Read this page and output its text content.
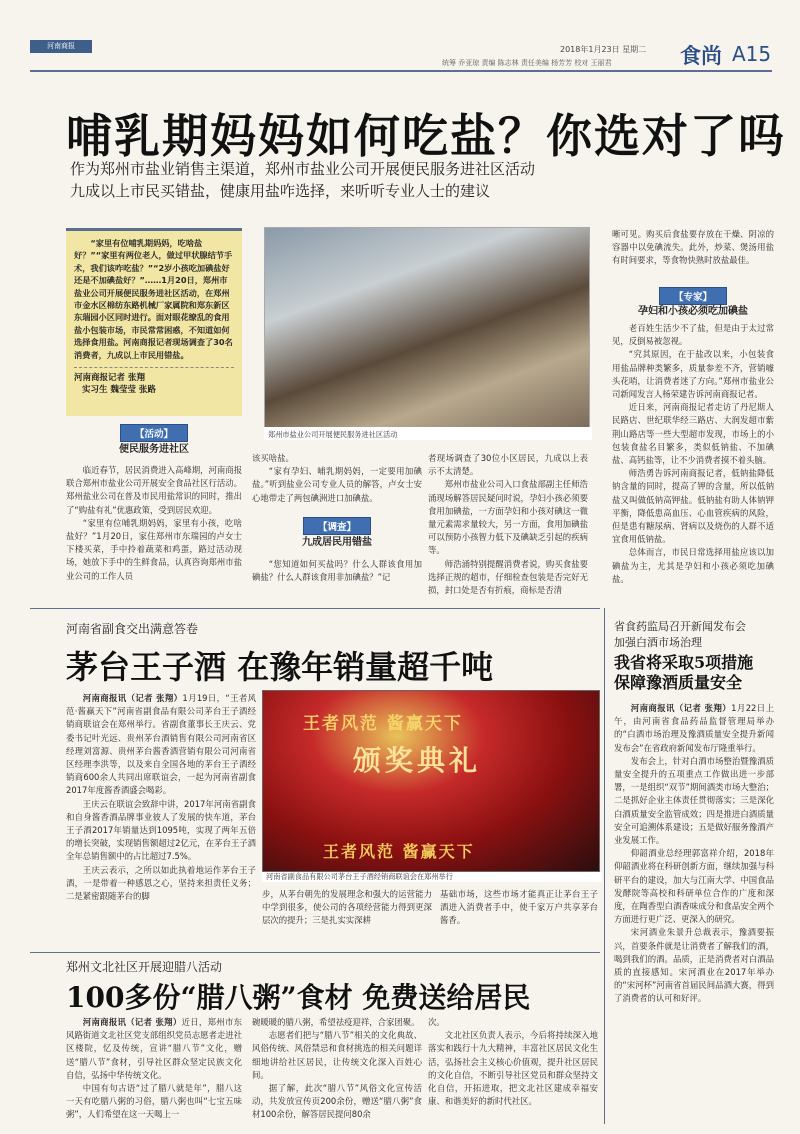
河南商报	2018年1月23日 星期二
统筹 乔亚琼 责编 陈志林 责任美编 杨芳芳 校对 王丽君	食尚 A15
哺乳期妈妈如何吃盐？你选对了吗
作为郑州市盐业销售主渠道，郑州市盐业公司开展便民服务进社区活动
九成以上市民买错盐，健康用盐咋选择，来听听专业人士的建议

“家里有位哺乳期妈妈，吃啥盐好？”“家里有两位老人，做过甲状腺结节手术，我们该咋吃盐？”“2岁小孩吃加碘盐好还是不加碘盐好？”……1月20日，郑州市盐业公司开展便民服务进社区活动，在郑州市金水区棉纺东路机械厂家属院和郑东新区东瑞园小区同时进行。面对眼花缭乱的食用盐小包装市场，市民常常困惑，不知道如何选择食用盐。河南商报记者现场调查了30名消费者，九成以上市民用错盐。

河南商报记者 张翔
实习生 魏莹莹 张路
郑州市盐业公司开展便民服务进社区活动
【活动】
便民服务进社区

临近春节，居民消费进入高峰期，河南商报联合郑州市盐业公司开展安全食品社区行活动。郑州盐业公司在普及市民用盐常识的同时，推出了“购盐有礼”优惠政策，受到居民欢迎。

“家里有位哺乳期妈妈，家里有小孩，吃啥盐好？”1月20日，家住郑州市东瑞园的卢女士下楼买菜，手中拎着蔬菜和鸡蛋，路过活动现场，她放下手中的生鲜食品，认真咨询郑州市盐业公司的工作人员

该买啥盐。

“家有孕妇、哺乳期妈妈，一定要用加碘盐。”听到盐业公司专业人员的解答，卢女士安心地带走了两包碘洲进口加碘盐。

【调查】
九成居民用错盐

“您知道如何买盐吗？什么人群该食用加碘盐？什么人群该食用非加碘盐？”记

者现场调查了30位小区居民，九成以上表示不太清楚。

郑州市盐业公司入口食盐部副主任师浩涌现场解答居民疑问时说，孕妇小孩必须要食用加碘盐，一方面孕妇和小孩对碘这一微量元素需求量较大，另一方面，食用加碘盐可以预防小孩智力低下及碘缺乏引起的疾病等。

师浩涌特别提醒消费者说，购买食盐要选择正规的超市，仔细检查包装是否完好无损，封口处是否有折痕，商标是否清

晰可见。购买后食盐要存放在干燥、阴凉的容器中以免碘流失。此外，炒菜、煲汤用盐有时间要求，等食物快熟时放盐最佳。

【专家】
孕妇和小孩必须吃加碘盐

老百姓生活少不了盐，但是由于太过常见，反倒易被忽视。

“究其原因，在于盐改以来，小包装食用盐品牌种类繁多，质量参差不齐，营销噱头花哨，让消费者迷了方向。”郑州市盐业公司新闻发言人杨荣建告诉河南商报记者。

近日来，河南商报记者走访了丹尼斯人民路店、世纪联华经三路店、大润发超市紫荆山路店等一些大型超市发现，市场上的小包装食盐名目繁多，类似低钠盐、不加碘盐、高钙盐等，让不少消费者摸不着头脑。

师浩勇告诉河南商报记者，低钠盐降低钠含量的同时，提高了钾的含量，所以低钠盐又叫做低钠高钾盐。低钠盐有助人体钠钾平衡，降低患高血压、心血管疾病的风险，但是患有糖尿病、肾病以及烧伤的人群不适宜食用低钠盐。

总体而言，市民日常选择用盐应该以加碘盐为主，尤其是孕妇和小孩必须吃加碘盐。

河南省副食交出满意答卷
茅台王子酒 在豫年销量超千吨

河南商报讯（记者 张翔）1月19日，“王者风范·酱赢天下”河南省副食品有限公司茅台王子酒经销商联谊会在郑州举行。省副食董事长王庆云、党委书记叶光远、贵州茅台酒销售有限公司河南省区经理刘富源、贵州茅台酱香酒营销有限公司河南省区经理李洪等，以及来自全国各地的茅台王子酒经销商600余人共同出席联谊会，一起为河南省副食2017年度酱香酒盛会喝彩。

王庆云在联谊会致辞中讲，2017年河南省副食和自身酱香酒品牌事业彼人了发展的快车道，茅台王子酒2017年销量达到1095吨，实现了两年五倍的增长突破，实现销售额超过2亿元，在茅台王子酒全年总销售额中的占比超过7.5%。

王庆云表示，之所以如此执着地运作茅台王子酒，一是带着一种感恩之心，坚持来担责任义务；二是紧密跟随茅台的脚

王者风范 酱赢天下
颁奖典礼
王者风范 酱赢天下
河南省副食品有限公司茅台王子酒经销商联谊会在郑州举行

步，从茅台朝先的发展理念和强大的运营能力中学到很多，使公司的各项经营能力得到更深层次的提升；三是扎实实深耕

基础市场，这些市场才能真正让茅台王子酒进入消费者手中，使千家万户共享茅台酱香。

郑州文北社区开展迎腊八活动
100多份“腊八粥”食材 免费送给居民

河南商报讯（记者 张翔）近日，郑州市东风路街道文北社区党支部组织党员志愿者走进社区楼院，忆及传统，宣讲“腊八节”文化，赠送“腊八节”食材，引导社区群众坚定民族文化自信，弘扬中华传统文化。

中国有句古语“过了腊八就是年”，腊八这一天有吃腊八粥的习俗，腊八粥也叫“七宝五味粥”，人们希望在这一天喝上一

碗暖暖的腊八粥，希望祛疫迎祥，合家团聚。

志愿者们把与“腊八节”相关的文化典故、风俗传统、风俗禁忌和食材挑选的相关问题详细地讲给社区居民，让传统文化深入百姓心间。

据了解，此次“腊八节”风俗文化宣传活动，共发放宣传页200余份，赠送“腊八粥”食材100余份，解答居民提问80余

次。

文北社区负责人表示，今后将持续深入地落实和践行十九大精神，丰富社区居民文化生活，弘扬社会主义核心价值观，提升社区居民的文化自信，不断引导社区党员和群众坚持文化自信，开拓进取，把文北社区建成幸福安康、和谐美好的新时代社区。

省食药监局召开新闻发布会
加强白酒市场治理
我省将采取5项措施
保障豫酒质量安全

河南商报讯（记者 张翔）1月22日上午，由河南省食品药品监督管理局举办的“白酒市场治理及豫酒质量安全提升新闻发布会”在省政府新闻发布厅隆重举行。

发布会上，针对白酒市场整治暨豫酒质量安全提升的五项重点工作做出进一步部署，一是组织“双节”期间酒类市场大整治；二是抓好企业主体责任贯彻落实；三是深化白酒质量安全监管成效；四是推进白酒质量安全可追溯体系建设；五是做好服务豫酒产业发展工作。

仰韶酒业总经理郭富祥介绍，2018年仰韶酒业将在科研创新方面，继续加强与科研平台的建设，加大与江南大学、中国食品发酵院等高校和科研单位合作的广度和深度，在陶香型白酒香味成分和食品安全两个方面进行更广泛、更深入的研究。

宋河酒业朱景升总裁表示，豫酒要振兴，首要条件就是让消费者了解我们的酒，喝到我们的酒。品质，正是消费者对白酒品质的直接感知。宋河酒业在2017年举办的“宋河杯”河南省首届民间品酒大赛，得到了消费者的认可和好评。
